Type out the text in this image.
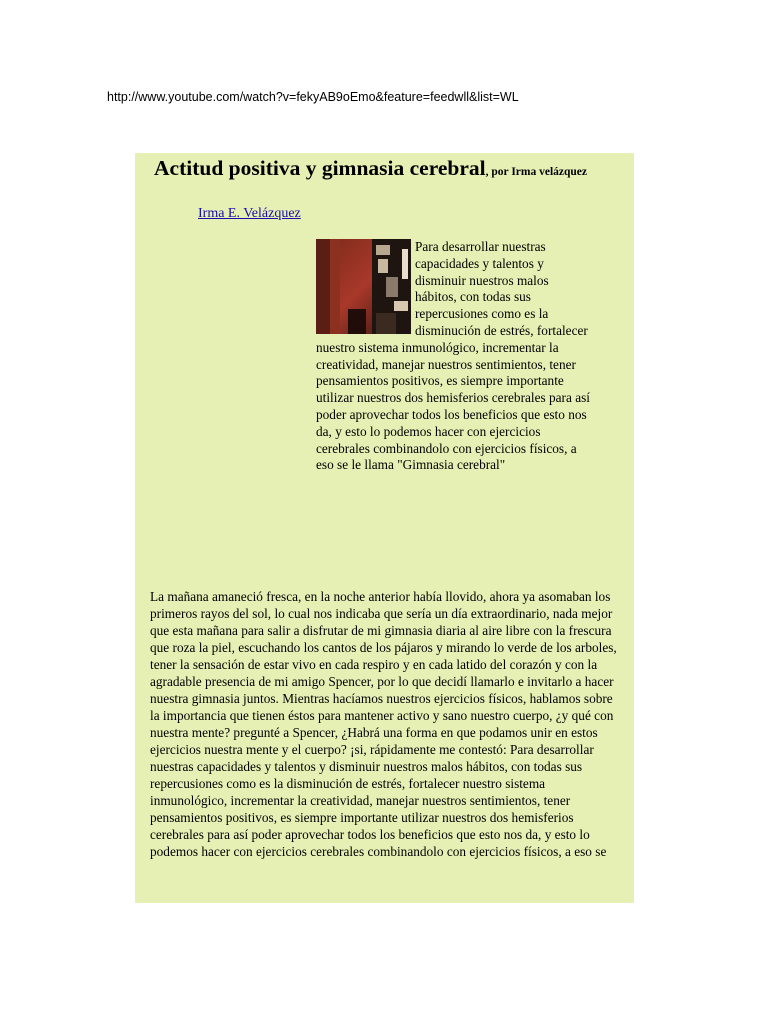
http://www.youtube.com/watch?v=fekyAB9oEmo&feature=feedwll&list=WL
Actitud positiva y gimnasia cerebral, por Irma velázquez
Irma E. Velázquez

Para desarrollar nuestras capacidades y talentos y disminuir nuestros malos hábitos, con todas sus repercusiones como es la disminución de estrés, fortalecer nuestro sistema inmunológico, incrementar la creatividad, manejar nuestros sentimientos, tener pensamientos positivos, es siempre importante utilizar nuestros dos hemisferios cerebrales para así poder aprovechar todos los beneficios que esto nos da, y esto lo podemos hacer con ejercicios cerebrales combinandolo con ejercicios físicos, a eso se le llama "Gimnasia cerebral"

La mañana amaneció fresca, en la noche anterior había llovido, ahora ya asomaban los primeros rayos del sol, lo cual nos indicaba que sería un día extraordinario, nada mejor que esta mañana para salir a disfrutar de mi gimnasia diaria al aire libre con la frescura que roza la piel, escuchando los cantos de los pájaros y mirando lo verde de los arboles, tener la sensación de estar vivo en cada respiro y en cada latido del corazón y con la agradable presencia de mi amigo Spencer, por lo que decidí llamarlo e invitarlo a hacer nuestra gimnasia juntos. Mientras hacíamos nuestros ejercicios físicos, hablamos sobre la importancia que tienen éstos para mantener activo y sano nuestro cuerpo, ¿y qué con nuestra mente? pregunté a Spencer, ¿Habrá una forma en que podamos unir en estos ejercicios nuestra mente y el cuerpo? ¡si, rápidamente me contestó: Para desarrollar nuestras capacidades y talentos y disminuir nuestros malos hábitos, con todas sus repercusiones como es la disminución de estrés, fortalecer nuestro sistema inmunológico, incrementar la creatividad, manejar nuestros sentimientos, tener pensamientos positivos, es siempre importante utilizar nuestros dos hemisferios cerebrales para así poder aprovechar todos los beneficios que esto nos da, y esto lo podemos hacer con ejercicios cerebrales combinandolo con ejercicios físicos, a eso se
